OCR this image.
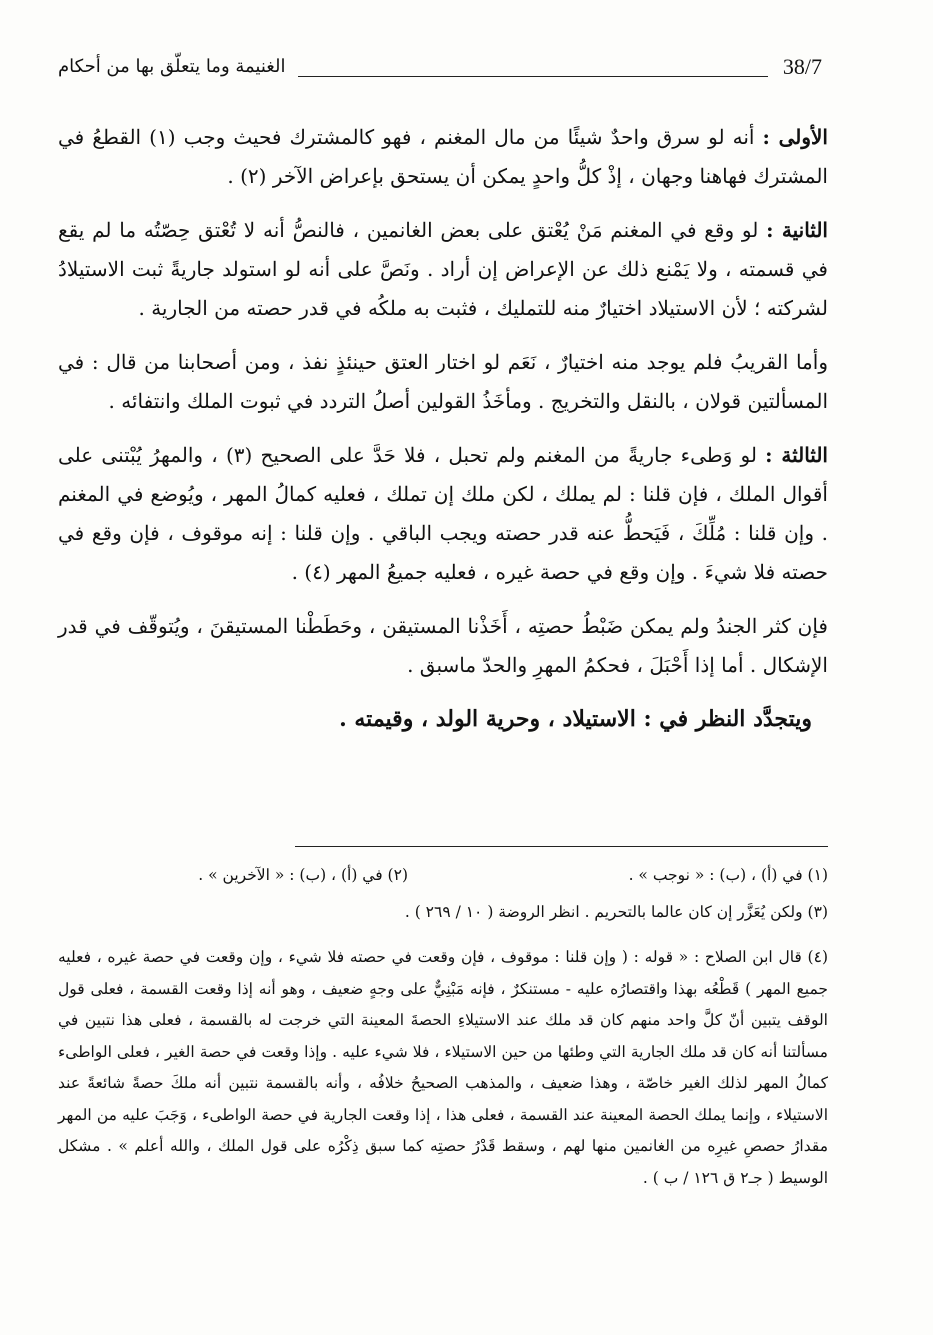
38/7
الغنيمة وما يتعلّق بها من أحكام

الأولى : أنه لو سرق واحدٌ شيئًا من مال المغنم ، فهو كالمشترك فحيث وجب (١) القطعُ في المشترك فهاهنا وجهان ، إذْ كلُّ واحدٍ يمكن أن يستحق بإعراض الآخر (٢) .

الثانية : لو وقع في المغنم مَنْ يُعْتق على بعض الغانمين ، فالنصُّ أنه لا تُعْتق حِصّتُه ما لم يقع في قسمته ، ولا يَمْنع ذلك عن الإعراض إن أراد . ونَصَّ على أنه لو استولد جاريةً ثبت الاستيلادُ لشركته ؛ لأن الاستيلاد اختيارٌ منه للتمليك ، فثبت به ملكُه في قدر حصته من الجارية .

وأما القريبُ فلم يوجد منه اختيارٌ ، نَعَم لو اختار العتق حينئذٍ نفذ ، ومن أصحابنا من قال : في المسألتين قولان ، بالنقل والتخريج . ومأخَذُ القولين أصلُ التردد في ثبوت الملك وانتفائه .

الثالثة : لو وَطىء جاريةً من المغنم ولم تحبل ، فلا حَدَّ على الصحيح (٣) ، والمهرُ يُبْتنى على أقوال الملك ، فإن قلنا : لم يملك ، لكن ملك إن تملك ، فعليه كمالُ المهر ، ويُوضع في المغنم . وإن قلنا : مُلِّكَ ، فَيَحطُّ عنه قدر حصته ويجب الباقي . وإن قلنا : إنه موقوف ، فإن وقع في حصته فلا شيءَ . وإن وقع في حصة غيره ، فعليه جميعُ المهر (٤) .

فإن كثر الجندُ ولم يمكن ضَبْطُ حصتِه ، أَخَذْنا المستيقن ، وحَطَطْنا المستيقنَ ، ويُتوقّف في قدر الإشكال . أما إذا أَحْبَلَ ، فحكمُ المهرِ والحدّ ماسبق .

ويتجدَّد النظر في : الاستيلاد ، وحرية الولد ، وقيمته .
(١) في (أ) ، (ب) : « نوجب » .
(٢) في (أ) ، (ب) : « الآخرين » .

(٣) ولكن يُعَزَّر إن كان عالما بالتحريم . انظر الروضة ( ١٠ / ٢٦٩ ) .

(٤) قال ابن الصلاح : « قوله : ( وإن قلنا : موقوف ، فإن وقعت في حصته فلا شيء ، وإن وقعت في حصة غيره ، فعليه جميع المهر ) قَطْعُه بهذا واقتصارُه عليه - مستنكرٌ ، فإنه مَبْنِيٌّ على وجهٍ ضعيف ، وهو أنه إذا وقعت القسمة ، فعلى قول الوقف يتبين أنّ كلَّ واحد منهم كان قد ملك عند الاستيلاءِ الحصةَ المعينة التي خرجت له بالقسمة ، فعلى هذا نتبين في مسألتنا أنه كان قد ملك الجارية التي وطئها من حين الاستيلاء ، فلا شيء عليه . وإذا وقعت في حصة الغير ، فعلى الواطىء كمالُ المهر لذلك الغير خاصّة ، وهذا ضعيف ، والمذهب الصحيحُ خلافُه ، وأنه بالقسمة نتبين أنه ملكَ حصةً شائعةً عند الاستيلاء ، وإنما يملك الحصة المعينة عند القسمة ، فعلى هذا ، إذا وقعت الجارية في حصة الواطىء ، وَجَبَ عليه من المهر مقدارُ حصصِ غيرِه من الغانمين منها لهم ، وسقط قَدْرُ حصتِه كما سبق ذِكْرُه على قول الملك ، والله أعلم » . مشكل الوسيط ( جـ٢ ق ١٢٦ / ب ) .
